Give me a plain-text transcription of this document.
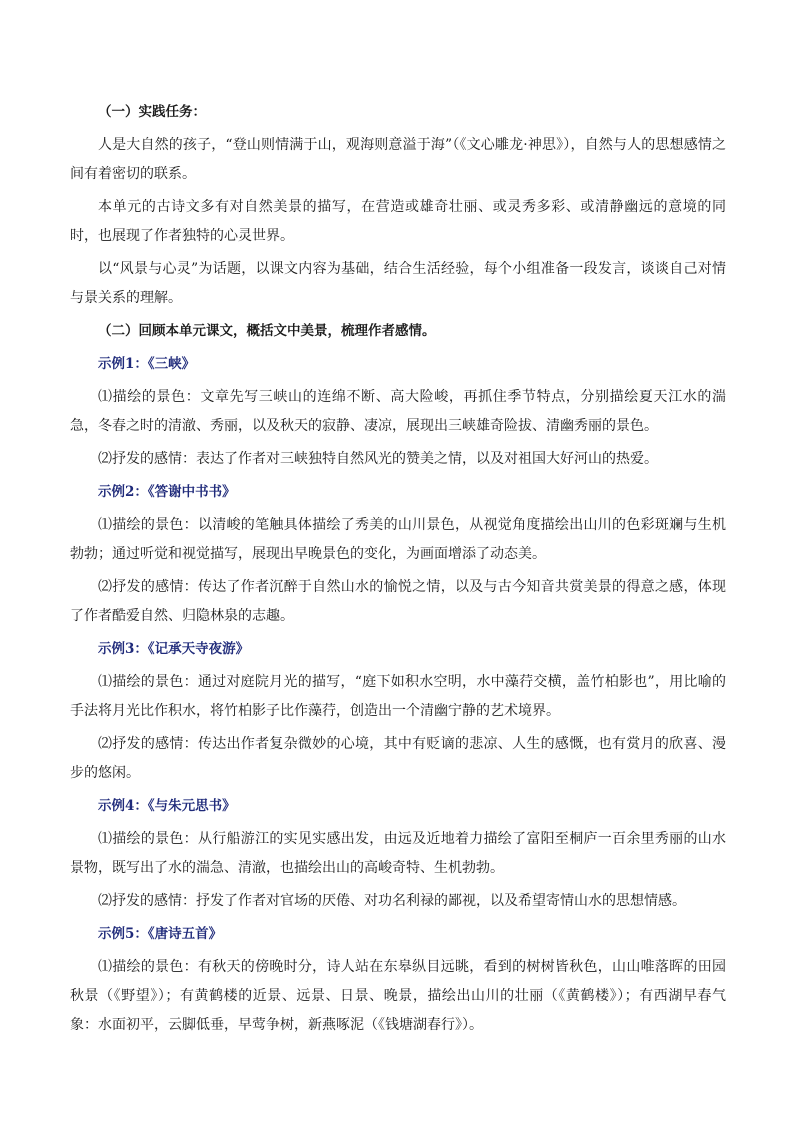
（一）实践任务：

人是大自然的孩子，“登山则情满于山，观海则意溢于海”（《文心雕龙·神思》），自然与人的思想感情之间有着密切的联系。

本单元的古诗文多有对自然美景的描写，在营造或雄奇壮丽、或灵秀多彩、或清静幽远的意境的同时，也展现了作者独特的心灵世界。

以“风景与心灵”为话题，以课文内容为基础，结合生活经验，每个小组准备一段发言，谈谈自己对情与景关系的理解。

（二）回顾本单元课文，概括文中美景，梳理作者感情。

示例1：《三峡》

⑴描绘的景色：文章先写三峡山的连绵不断、高大险峻，再抓住季节特点，分别描绘夏天江水的湍急，冬春之时的清澈、秀丽，以及秋天的寂静、凄凉，展现出三峡雄奇险拔、清幽秀丽的景色。

⑵抒发的感情：表达了作者对三峡独特自然风光的赞美之情，以及对祖国大好河山的热爱。

示例2：《答谢中书书》

⑴描绘的景色：以清峻的笔触具体描绘了秀美的山川景色，从视觉角度描绘出山川的色彩斑斓与生机勃勃；通过听觉和视觉描写，展现出早晚景色的变化，为画面增添了动态美。

⑵抒发的感情：传达了作者沉醉于自然山水的愉悦之情，以及与古今知音共赏美景的得意之感，体现了作者酷爱自然、归隐林泉的志趣。

示例3：《记承天寺夜游》

⑴描绘的景色：通过对庭院月光的描写，“庭下如积水空明，水中藻荇交横，盖竹柏影也”，用比喻的手法将月光比作积水，将竹柏影子比作藻荇，创造出一个清幽宁静的艺术境界。

⑵抒发的感情：传达出作者复杂微妙的心境，其中有贬谪的悲凉、人生的感慨，也有赏月的欣喜、漫步的悠闲。

示例4：《与朱元思书》

⑴描绘的景色：从行船游江的实见实感出发，由远及近地着力描绘了富阳至桐庐一百余里秀丽的山水景物，既写出了水的湍急、清澈，也描绘出山的高峻奇特、生机勃勃。

⑵抒发的感情：抒发了作者对官场的厌倦、对功名利禄的鄙视，以及希望寄情山水的思想情感。

示例5：《唐诗五首》

⑴描绘的景色：有秋天的傍晚时分，诗人站在东皋纵目远眺，看到的树树皆秋色，山山唯落晖的田园秋景（《野望》）；有黄鹤楼的近景、远景、日景、晚景，描绘出山川的壮丽（《黄鹤楼》）；有西湖早春气象：水面初平，云脚低垂，早莺争树，新燕啄泥（《钱塘湖春行》）。
